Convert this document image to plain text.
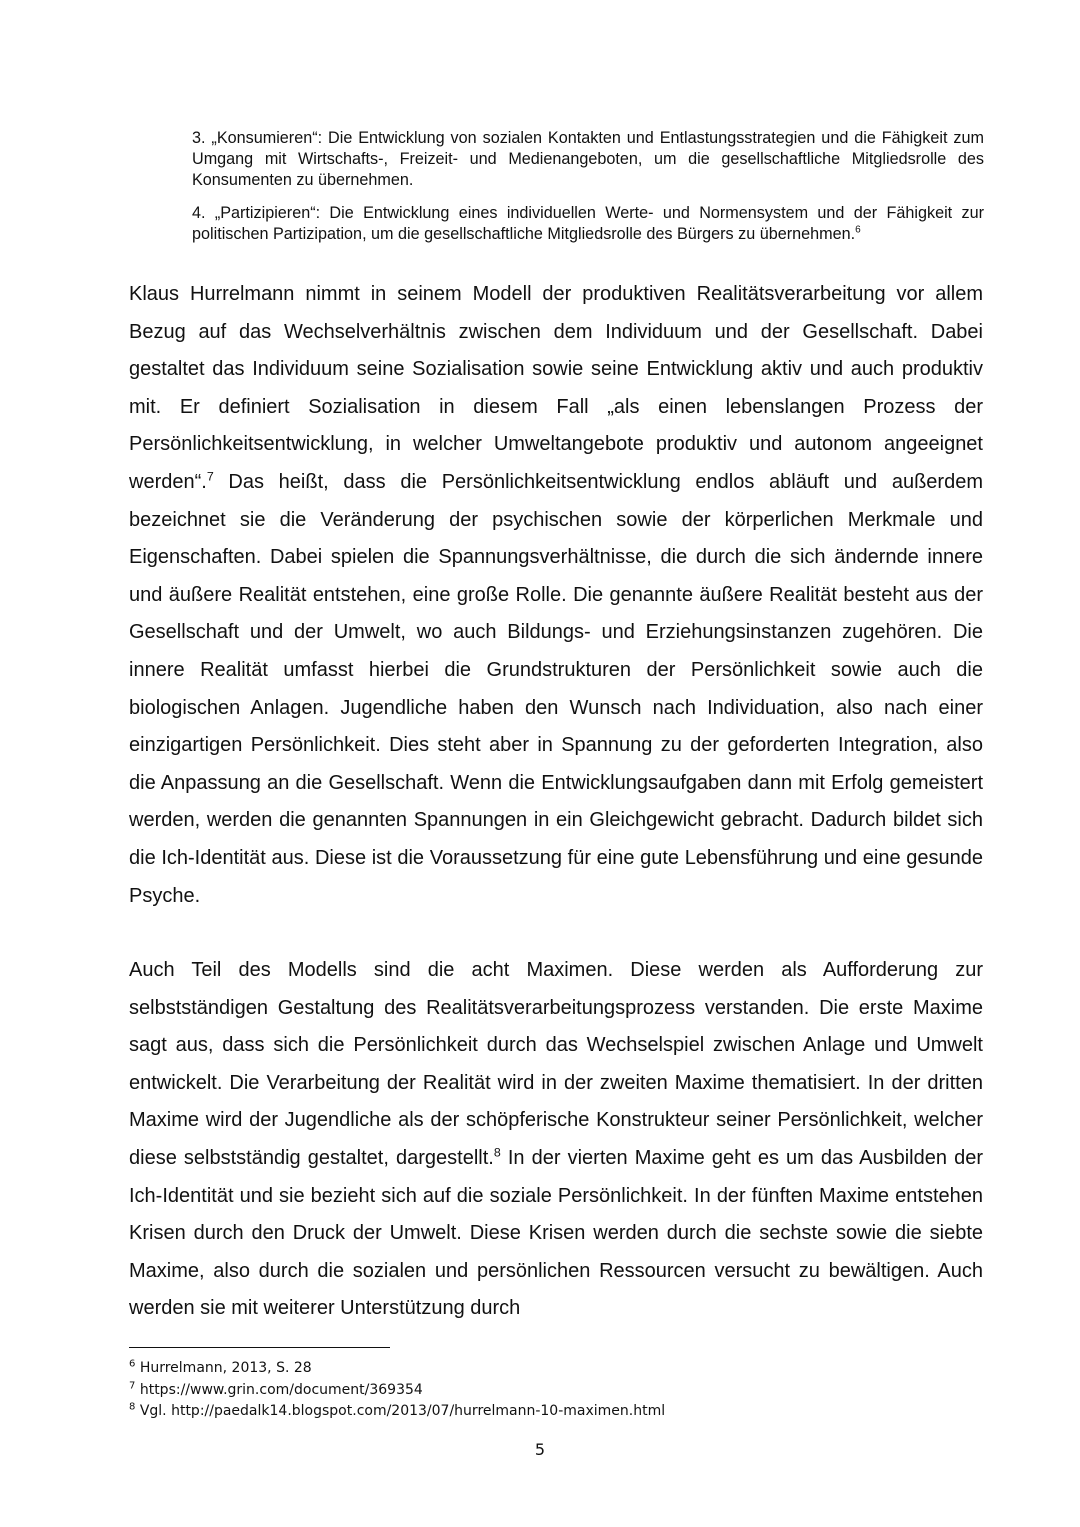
3. „Konsumieren“: Die Entwicklung von sozialen Kontakten und Entlastungsstrategien und die Fähigkeit zum Umgang mit Wirtschafts-, Freizeit- und Medienangeboten, um die gesellschaftliche Mitgliedsrolle des Konsumenten zu übernehmen.

4. „Partizipieren“: Die Entwicklung eines individuellen Werte- und Normensystem und der Fähigkeit zur politischen Partizipation, um die gesellschaftliche Mitgliedsrolle des Bürgers zu übernehmen.$^6$

Klaus Hurrelmann nimmt in seinem Modell der produktiven Realitätsverarbeitung vor allem Bezug auf das Wechselverhältnis zwischen dem Individuum und der Gesellschaft. Dabei gestaltet das Individuum seine Sozialisation sowie seine Entwicklung aktiv und auch produktiv mit. Er definiert Sozialisation in diesem Fall „als einen lebenslangen Prozess der Persönlichkeitsentwicklung, in welcher Umweltangebote produktiv und autonom angeeignet werden“.$^7$ Das heißt, dass die Persönlichkeitsentwicklung endlos abläuft und außerdem bezeichnet sie die Veränderung der psychischen sowie der körperlichen Merkmale und Eigenschaften. Dabei spielen die Spannungsverhältnisse, die durch die sich ändernde innere und äußere Realität entstehen, eine große Rolle. Die genannte äußere Realität besteht aus der Gesellschaft und der Umwelt, wo auch Bildungs- und Erziehungsinstanzen zugehören. Die innere Realität umfasst hierbei die Grundstrukturen der Persönlichkeit sowie auch die biologischen Anlagen. Jugendliche haben den Wunsch nach Individuation, also nach einer einzigartigen Persönlichkeit. Dies steht aber in Spannung zu der geforderten Integration, also die Anpassung an die Gesellschaft. Wenn die Entwicklungsaufgaben dann mit Erfolg gemeistert werden, werden die genannten Spannungen in ein Gleichgewicht gebracht. Dadurch bildet sich die Ich-Identität aus. Diese ist die Voraussetzung für eine gute Lebensführung und eine gesunde Psyche.

Auch Teil des Modells sind die acht Maximen. Diese werden als Aufforderung zur selbstständigen Gestaltung des Realitätsverarbeitungsprozess verstanden. Die erste Maxime sagt aus, dass sich die Persönlichkeit durch das Wechselspiel zwischen Anlage und Umwelt entwickelt. Die Verarbeitung der Realität wird in der zweiten Maxime thematisiert. In der dritten Maxime wird der Jugendliche als der schöpferische Konstrukteur seiner Persönlichkeit, welcher diese selbstständig gestaltet, dargestellt.$^8$ In der vierten Maxime geht es um das Ausbilden der Ich-Identität und sie bezieht sich auf die soziale Persönlichkeit. In der fünften Maxime entstehen Krisen durch den Druck der Umwelt. Diese Krisen werden durch die sechste sowie die siebte Maxime, also durch die sozialen und persönlichen Ressourcen versucht zu bewältigen. Auch werden sie mit weiterer Unterstützung durch

$^6$ Hurrelmann, 2013, S. 28
$^7$ https://www.grin.com/document/369354
$^8$ Vgl. http://paedalk14.blogspot.com/2013/07/hurrelmann-10-maximen.html
5
